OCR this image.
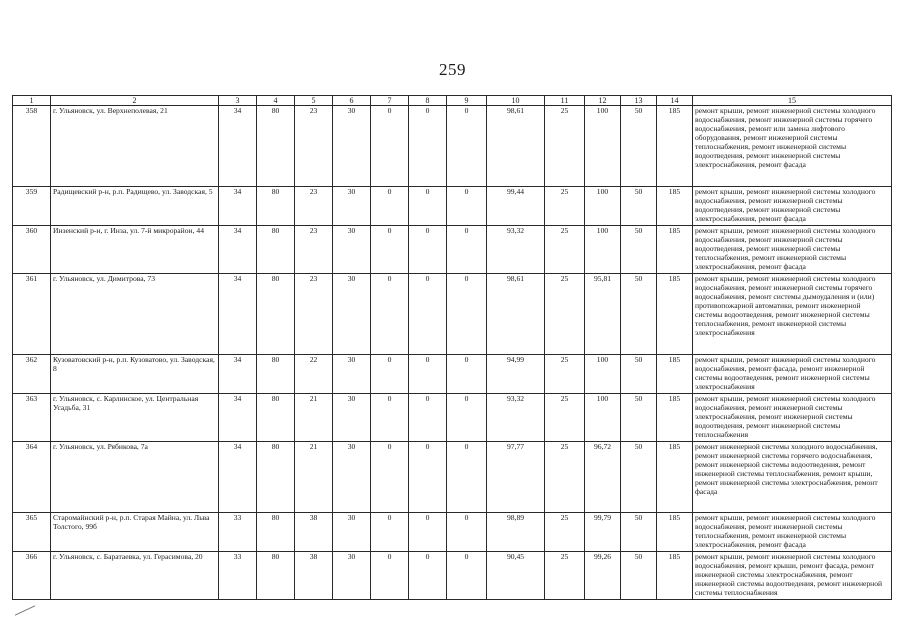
259
1	2	3	4	5	6	7	8	9	10	11	12	13	14	15
358	г. Ульяновск, ул. Верхнеполевая, 21	34	80	23	30	0	0	0	98,61	25	100	50	185	ремонт крыши, ремонт инженерной системы холодного водоснабжения, ремонт инженерной системы горячего водоснабжения, ремонт или замена лифтового оборудования, ремонт инженерной системы теплоснабжения, ремонт инженерной системы водоотведения, ремонт инженерной системы электроснабжения, ремонт фасада
359	Радищевский р-н, р.п. Радищево, ул. Заводская, 5	34	80	23	30	0	0	0	99,44	25	100	50	185	ремонт крыши, ремонт инженерной системы холодного водоснабжения, ремонт инженерной системы водоотведения, ремонт инженерной системы электроснабжения, ремонт фасада
360	Инзенский р-н, г. Инза, ул. 7-й микрорайон, 44	34	80	23	30	0	0	0	93,32	25	100	50	185	ремонт крыши, ремонт инженерной системы холодного водоснабжения, ремонт инженерной системы водоотведения, ремонт инженерной системы теплоснабжения, ремонт инженерной системы электроснабжения, ремонт фасада
361	г. Ульяновск, ул. Димитрова, 73	34	80	23	30	0	0	0	98,61	25	95,81	50	185	ремонт крыши, ремонт инженерной системы холодного водоснабжения, ремонт инженерной системы горячего водоснабжения, ремонт системы дымоудаления и (или) противопожарной автоматики, ремонт инженерной системы водоотведения, ремонт инженерной системы теплоснабжения, ремонт инженерной системы электроснабжения
362	Кузоватовский р-н, р.п. Кузоватово, ул. Заводская, 8	34	80	22	30	0	0	0	94,99	25	100	50	185	ремонт крыши, ремонт инженерной системы холодного водоснабжения, ремонт фасада, ремонт инженерной системы водоотведения, ремонт инженерной системы электроснабжения
363	г. Ульяновск, с. Карлинское, ул. Центральная Усадьба, 31	34	80	21	30	0	0	0	93,32	25	100	50	185	ремонт крыши, ремонт инженерной системы холодного водоснабжения, ремонт инженерной системы электроснабжения, ремонт инженерной системы водоотведения, ремонт инженерной системы теплоснабжения
364	г. Ульяновск, ул. Рябикова, 7а	34	80	21	30	0	0	0	97,77	25	96,72	50	185	ремонт инженерной системы холодного водоснабжения, ремонт инженерной системы горячего водоснабжения, ремонт инженерной системы водоотведения, ремонт инженерной системы теплоснабжения, ремонт крыши, ремонт инженерной системы электроснабжения, ремонт фасада
365	Старомайнский р-н, р.п. Старая Майна, ул. Льва Толстого, 99б	33	80	38	30	0	0	0	98,89	25	99,79	50	185	ремонт крыши, ремонт инженерной системы холодного водоснабжения, ремонт инженерной системы теплоснабжения, ремонт инженерной системы электроснабжения, ремонт фасада
366	г. Ульяновск, с. Баратаевка, ул. Герасимова, 20	33	80	38	30	0	0	0	90,45	25	99,26	50	185	ремонт крыши, ремонт инженерной системы холодного водоснабжения, ремонт крыши, ремонт фасада, ремонт инженерной системы электроснабжения, ремонт инженерной системы водоотведения, ремонт инженерной системы теплоснабжения
